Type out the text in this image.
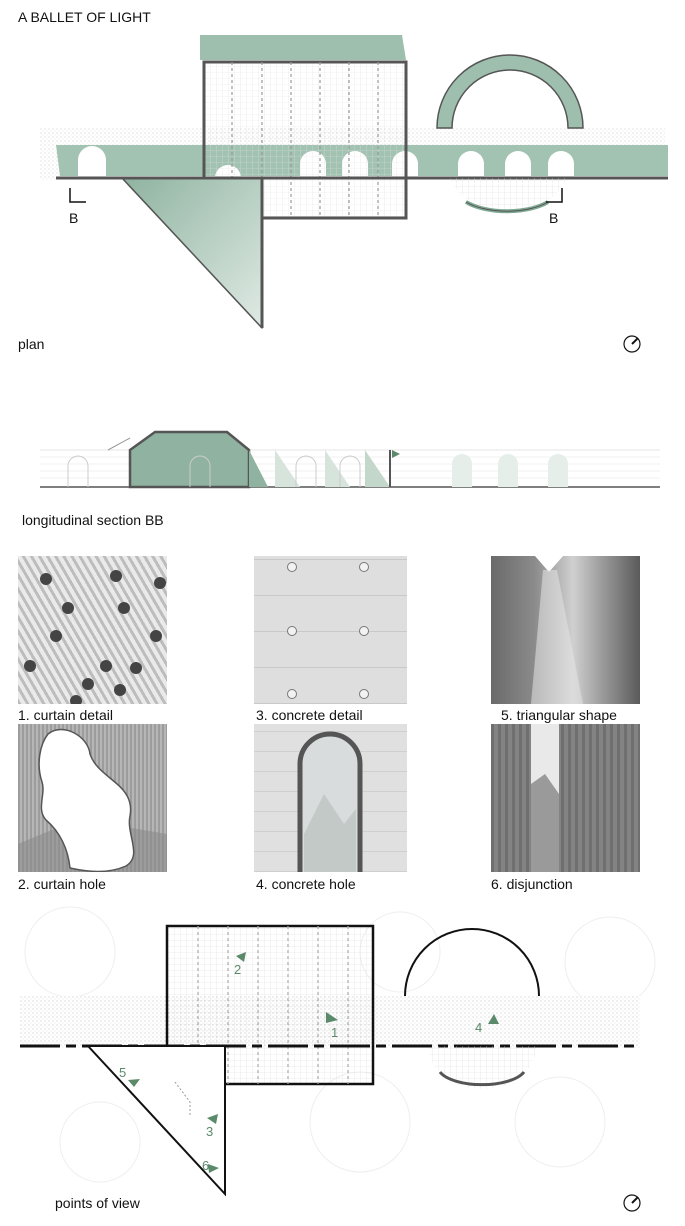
A BALLET OF LIGHT
B	B
plan
longitudinal section BB
1. curtain detail	3. concrete detail	5. triangular shape
2. curtain hole	4. concrete hole	6. disjunction
1
2
3
4
5
6
points of view
